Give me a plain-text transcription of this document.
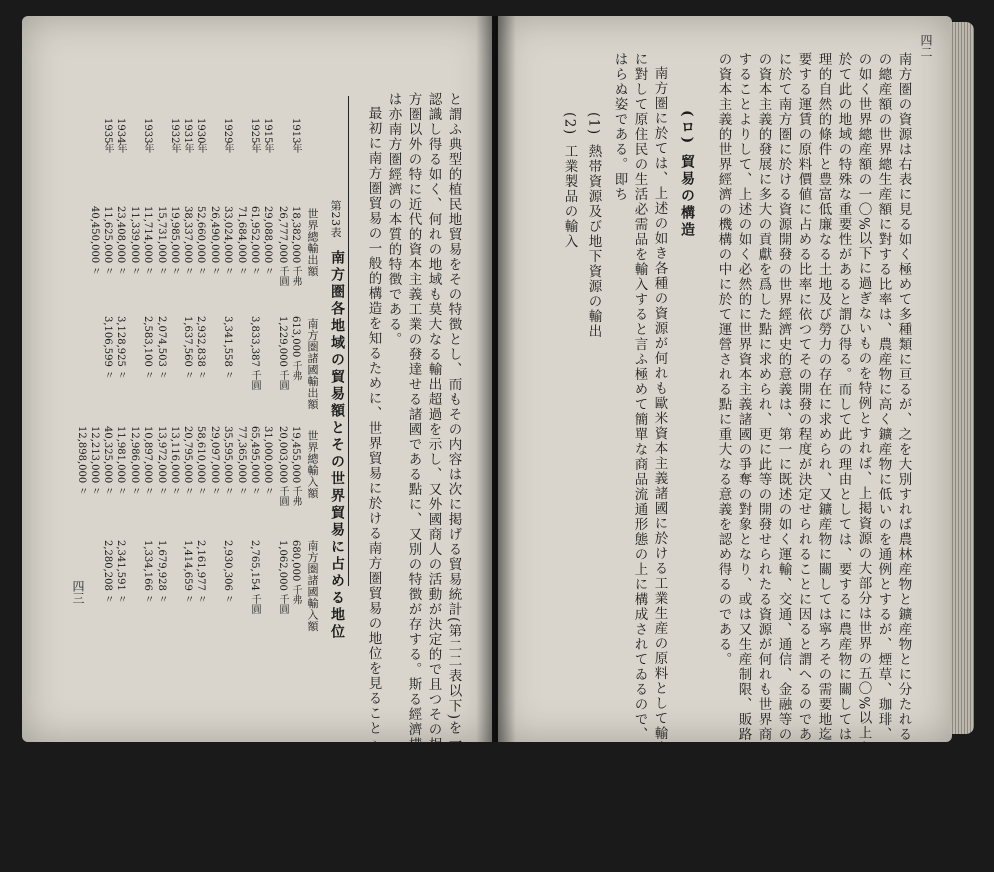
四二
南方圏の資源は右表に見る如く極めて多種類に亘るが、之を大別すれば農林産物と鑛産物とに分たれる。而してそ
の總産額の世界總生産額に對する比率は、農産物に高く鑛産物に低いのを通例とするが、煙草、珈琲、ボーキサイト
の如く世界總産額の一〇%以下に過ぎないものを特例とすれば、上掲資源の大部分は世界の五〇%以上を産出する點に
於て此の地域の特殊な重要性があると謂ひ得る。而して此の理由としては、要するに農産物に關しては南方圏の地
理的自然的條件と豊富低廉なる土地及び勞力の存在に求められ、又鑛産物に關しては寧ろその需要地迄の距離と之に
要する運賃の原料價値に占める比率に依つてその開發の程度が決定せられることに因ると謂へるのであらう。此の意味
に於て南方圏に於ける資源開發の世界經濟史的意義は、第一に既述の如く運輸、交通、通信、金融等の分野に於てそ
の資本主義的發展に多大の貢獻を爲した點に求められ、更に此等の開發せられたる資源が何れも世界商品的性格を有
することよりして、上述の如く必然的に世界資本主義諸國の爭奪の對象となり、或は又生産制限、販路協定、其の他
の資本主義的世界經濟の機構の中に於て運營される點に重大なる意義を認め得るのである。
(ロ) 貿易の構造
南方圏に於ては、上述の如き各種の資源が何れも歐米資本主義諸國に於ける工業生産の原料として輸出せられ、之
に對して原住民の生活必需品を輸入すると言ふ極めて簡單な商品流通形態の上に構成されてゐるので、その貿易の性格
はらぬ姿である。即ち
(1)
熱帯資源及び地下資源の輸出
(2)
工業製品の輸入
と謂ふ典型的植民地貿易をその特徴とし、而もその内容は次に掲げる貿易統計(第二二表以下)を一覽すれば直ちに
認識し得る如く、何れの地域も莫大なる輸出超過を示し、又外國商人の活動が決定的で且つその相手先は大概分が南
方圏以外の特に近代的資本主義工業の發達せる諸國である點に、又別の特徴が存する。斯る經濟構造とその形成過程
は亦南方圏經濟の本質的特徴である。
最初に南方圏貿易の一般的構造を知るために、世界貿易に於ける南方圏貿易の地位を見ることゝしよう。
第23表
南方圏各地域の貿易額とその世界貿易に占める地位
世界總輸出額
南方圏諸國輸出額
世界總輸入額
南方圏諸國輸入額
1913年
18,382,000 千弗
613,000 千弗
19,455,000 千弗
680,000 千弗
26,777,000 千圓
1,229,000 千圓
20,003,000 千圓
1,062,000 千圓
1915年
29,088,000 〃
31,000,000 〃
1925年
61,952,000 〃
3,833,387 千圓
65,495,000 〃
2,765,154 千圓
71,684,000 〃
77,365,000 〃
1929年
33,024,000 〃
3,341,558 〃
35,595,000 〃
2,930,306 〃
26,490,000 〃
29,097,000 〃
1930年
52,660,000 〃
2,932,838 〃
58,610,000 〃
2,161,977 〃
1931年
38,337,000 〃
1,637,560 〃
20,795,000 〃
1,414,659 〃
1932年
19,985,000 〃
13,116,000 〃
15,731,000 〃
2,074,503 〃
13,972,000 〃
1,679,928 〃
1933年
11,714,000 〃
2,583,100 〃
10,897,000 〃
1,334,166 〃
11,339,000 〃
12,986,000 〃
1934年
23,408,000 〃
3,128,925 〃
11,981,000 〃
2,341,591 〃
1935年
11,625,000 〃
3,106,599 〃
40,325,000 〃
2,280,208 〃
40,450,000 〃
12,213,000 〃
12,898,000 〃
四三
